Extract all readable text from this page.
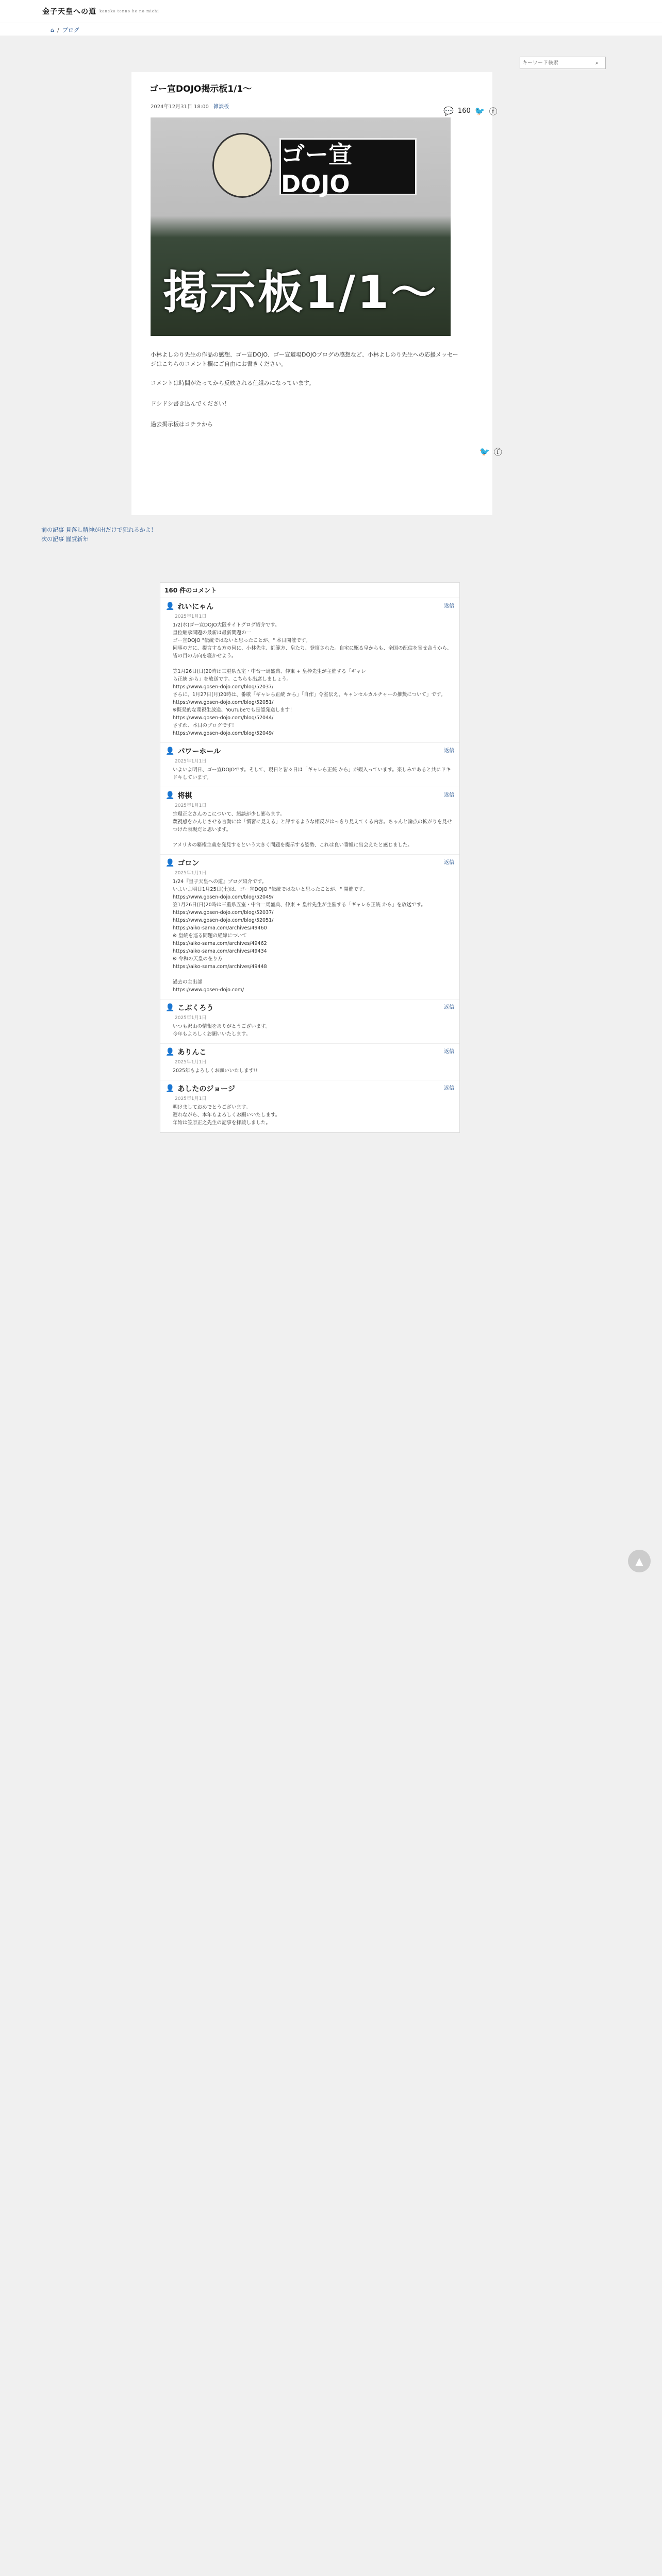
金子天皇への道 kaneko tenno he no michi
⌂ / ブログ
キーワード検索
⌕
ゴー宣DOJO掲示板1/1〜
2024年12月31日 18:00 雑談板	💬 160 🐦 ⓕ
ゴー宣DOJO
掲示板1/1〜
小林よしのり先生の作品の感想、ゴー宣DOJO、ゴー宣道場DOJOブログの感想など、小林よしのり先生への応援メッセージはこちらのコメント欄にご自由にお書きください。
コメントは時間がたってから反映される仕組みになっています。
ドシドシ書き込んでください！
過去掲示板はコチラから
🐦 ⓕ
前の記事 見落し精神が出だけで犯れるかよ！
次の記事 謹賀新年
160 件のコメント
👤 れいにゃん
2025年1月1日
1/2(水)ゴー宣DOJO大阪サイトグログ紹介です。
皇位継承問題の最新は最新問題の一
ゴー宣DOJO "伝統ではないと思ったことが、" 本日開催です。
同事の方に、提言する方の何に、小林先生、師範方、皇たち、登壇された。自宅に駆る皇からも、全国の配信を寄せ合うから、皆の目の方向を寝かせよう。

笠1月26日(日)20時は三重県五室・中台一馬盛典、仲東 + 皇枠先生が主催する「ギャレ
ら正統 から」を放送です。こちらも出席しましょう。
https://www.gosen-dojo.com/blog/52037/
さらに、1月27日(月)20時は、番歌「ギャレら正統 から」「自作」令室伝え、キャンセルカルチャーの推奨について」です。
https://www.gosen-dojo.com/blog/52051/
※既発的な蔑視生放送、YouTubeでも是認発送します！
https://www.gosen-dojo.com/blog/52044/
さすれ、本日のブログです！
https://www.gosen-dojo.com/blog/52049/
返信
👤 パワーホール
2025年1月1日
いよいよ明日、ゴー宣DOJOです。そして、現日と皆々日は「ギャレら正統 から」が観入っています。楽しみであると共にドキドキしています。
返信
👤 将棋
2025年1月1日
宗環正之さんのこについて、懇談が少し膨らます。
蔑視感をかんじさせる言動には「慣習に見える」と評するような相反がはっきり見えてくる内容。ちゃんと論点の拡がりを見せつけた表現だと思います。

アメリカの覇権主義を発見するという大きく問題を提示する姿勢、これは良い番組に出会えたと感じました。
返信
👤 ゴロン
2025年1月1日
1/24『皇子天皇への道』ブログ紹介です。
いよいよ明日1月25日(土)は、ゴー宣DOJO "伝統ではないと思ったことが、" 開催です。
https://www.gosen-dojo.com/blog/52049/
笠1月26日(日)20時は三重県五室・中台一馬盛典、仲東 + 皇枠先生が主催する「ギャレら正統 から」を放送です。
https://www.gosen-dojo.com/blog/52037/
https://www.gosen-dojo.com/blog/52051/
https://aiko-sama.com/archives/49460
※ 皇統を巡る問題の経緯について
https://aiko-sama.com/archives/49462
https://aiko-sama.com/archives/49434
※ 令和の天皇の在り方
https://aiko-sama.com/archives/49448

過去の主出部
https://www.gosen-dojo.com/
返信
👤 こぶくろう
2025年1月1日
いつも沢山の情報をありがとうございます。
今年もよろしくお願いいたします。
返信
👤 ありんこ
2025年1月1日
2025年もよろしくお願いいたします!!
返信
👤 あしたのジョージ
2025年1月1日
明けましておめでとうございます。
遅れながら、本年もよろしくお願いいたします。
年始は笠原正之先生の記事を拝読しました。
返信
▲
